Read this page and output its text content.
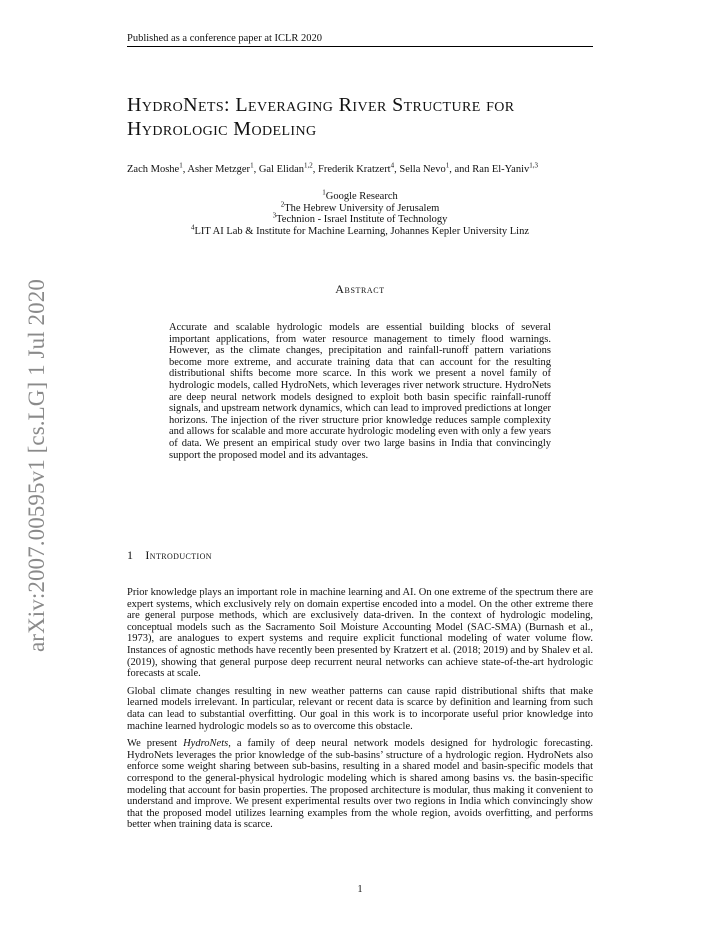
Published as a conference paper at ICLR 2020
arXiv:2007.00595v1 [cs.LG] 1 Jul 2020
HydroNets: Leveraging River Structure for Hydrologic Modeling
Zach Moshe$^1$, Asher Metzger$^1$, Gal Elidan$^{1,2}$, Frederik Kratzert$^4$, Sella Nevo$^1$, and Ran El-Yaniv$^{1,3}$
$^1$Google Research
$^2$The Hebrew University of Jerusalem
$^3$Technion - Israel Institute of Technology
$^4$LIT AI Lab & Institute for Machine Learning, Johannes Kepler University Linz
Abstract
Accurate and scalable hydrologic models are essential building blocks of several important applications, from water resource management to timely flood warnings. However, as the climate changes, precipitation and rainfall-runoff pattern variations become more extreme, and accurate training data that can account for the resulting distributional shifts become more scarce. In this work we present a novel family of hydrologic models, called HydroNets, which leverages river network structure. HydroNets are deep neural network models designed to exploit both basin specific rainfall-runoff signals, and upstream network dynamics, which can lead to improved predictions at longer horizons. The injection of the river structure prior knowledge reduces sample complexity and allows for scalable and more accurate hydrologic modeling even with only a few years of data. We present an empirical study over two large basins in India that convincingly support the proposed model and its advantages.
1 Introduction

Prior knowledge plays an important role in machine learning and AI. On one extreme of the spectrum there are expert systems, which exclusively rely on domain expertise encoded into a model. On the other extreme there are general purpose methods, which are exclusively data-driven. In the context of hydrologic modeling, conceptual models such as the Sacramento Soil Moisture Accounting Model (SAC-SMA) (Burnash et al., 1973), are analogues to expert systems and require explicit functional modeling of water volume flow. Instances of agnostic methods have recently been presented by Kratzert et al. (2018; 2019) and by Shalev et al. (2019), showing that general purpose deep recurrent neural networks can achieve state-of-the-art hydrologic forecasts at scale.

Global climate changes resulting in new weather patterns can cause rapid distributional shifts that make learned models irrelevant. In particular, relevant or recent data is scarce by definition and learning from such data can lead to substantial overfitting. Our goal in this work is to incorporate useful prior knowledge into machine learned hydrologic models so as to overcome this obstacle.

We present HydroNets, a family of deep neural network models designed for hydrologic forecasting. HydroNets leverages the prior knowledge of the sub-basins’ structure of a hydrologic region. HydroNets also enforce some weight sharing between sub-basins, resulting in a shared model and basin-specific models that correspond to the general-physical hydrologic modeling which is shared among basins vs. the basin-specific modeling that account for basin properties. The proposed architecture is modular, thus making it convenient to understand and improve. We present experimental results over two regions in India which convincingly show that the proposed model utilizes learning examples from the whole region, avoids overfitting, and performs better when training data is scarce.

1
